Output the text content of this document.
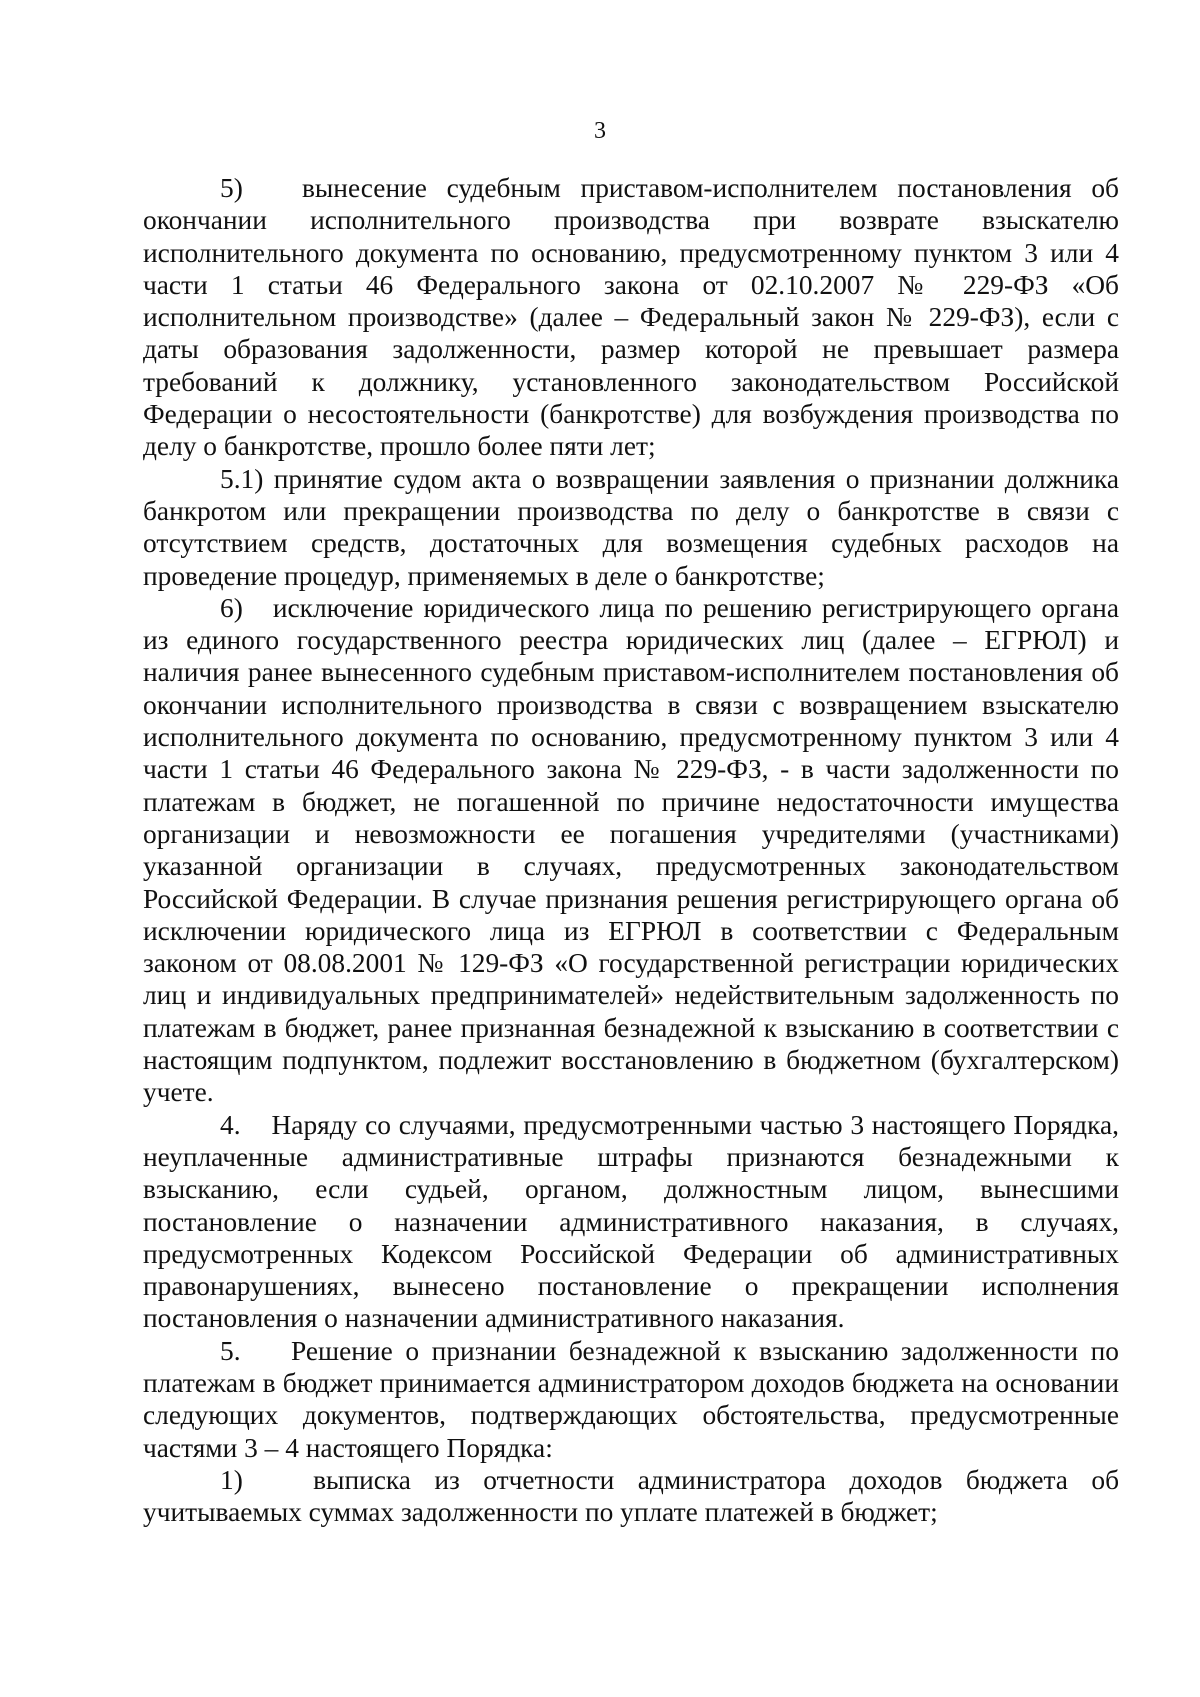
3

5) вынесение судебным приставом-исполнителем постановления об окончании исполнительного производства при возврате взыскателю исполнительного документа по основанию, предусмотренному пунктом 3 или 4 части 1 статьи 46 Федерального закона от 02.10.2007 № 229-ФЗ «Об исполнительном производстве» (далее – Федеральный закон № 229-ФЗ), если с даты образования задолженности, размер которой не превышает размера требований к должнику, установленного законодательством Российской Федерации о несостоятельности (банкротстве) для возбуждения производства по делу о банкротстве, прошло более пяти лет;

5.1) принятие судом акта о возвращении заявления о признании должника банкротом или прекращении производства по делу о банкротстве в связи с отсутствием средств, достаточных для возмещения судебных расходов на проведение процедур, применяемых в деле о банкротстве;

6) исключение юридического лица по решению регистрирующего органа из единого государственного реестра юридических лиц (далее – ЕГРЮЛ) и наличия ранее вынесенного судебным приставом-исполнителем постановления об окончании исполнительного производства в связи с возвращением взыскателю исполнительного документа по основанию, предусмотренному пунктом 3 или 4 части 1 статьи 46 Федерального закона № 229-ФЗ, - в части задолженности по платежам в бюджет, не погашенной по причине недостаточности имущества организации и невозможности ее погашения учредителями (участниками) указанной организации в случаях, предусмотренных законодательством Российской Федерации. В случае признания решения регистрирующего органа об исключении юридического лица из ЕГРЮЛ в соответствии с Федеральным законом от 08.08.2001 № 129-ФЗ «О государственной регистрации юридических лиц и индивидуальных предпринимателей» недействительным задолженность по платежам в бюджет, ранее признанная безнадежной к взысканию в соответствии с настоящим подпунктом, подлежит восстановлению в бюджетном (бухгалтерском) учете.

4. Наряду со случаями, предусмотренными частью 3 настоящего Порядка, неуплаченные административные штрафы признаются безнадежными к взысканию, если судьей, органом, должностным лицом, вынесшими постановление о назначении административного наказания, в случаях, предусмотренных Кодексом Российской Федерации об административных правонарушениях, вынесено постановление о прекращении исполнения постановления о назначении административного наказания.

5. Решение о признании безнадежной к взысканию задолженности по платежам в бюджет принимается администратором доходов бюджета на основании следующих документов, подтверждающих обстоятельства, предусмотренные частями 3 – 4 настоящего Порядка:

1)	выписка из отчетности администратора доходов бюджета об учитываемых суммах задолженности по уплате платежей в бюджет;
